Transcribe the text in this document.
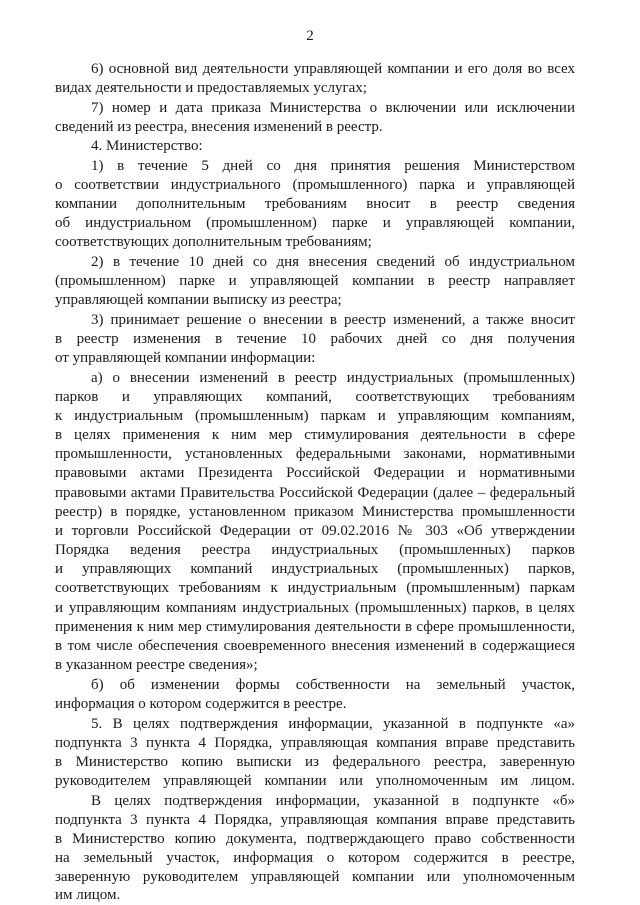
2
6) основной вид деятельности управляющей компании и его доля во всех
видах деятельности и предоставляемых услугах;
7) номер и дата приказа Министерства о включении или исключении
сведений из реестра, внесения изменений в реестр.
4. Министерство:
1) в течение 5 дней со дня принятия решения Министерством
о соответствии индустриального (промышленного) парка и управляющей
компании дополнительным требованиям вносит в реестр сведения
об индустриальном (промышленном) парке и управляющей компании,
соответствующих дополнительным требованиям;
2) в течение 10 дней со дня внесения сведений об индустриальном
(промышленном) парке и управляющей компании в реестр направляет
управляющей компании выписку из реестра;
3) принимает решение о внесении в реестр изменений, а также вносит
в реестр изменения в течение 10 рабочих дней со дня получения
от управляющей компании информации:
а) о внесении изменений в реестр индустриальных (промышленных)
парков и управляющих компаний, соответствующих требованиям
к индустриальным (промышленным) паркам и управляющим компаниям,
в целях применения к ним мер стимулирования деятельности в сфере
промышленности, установленных федеральными законами, нормативными
правовыми актами Президента Российской Федерации и нормативными
правовыми актами Правительства Российской Федерации (далее – федеральный
реестр) в порядке, установленном приказом Министерства промышленности
и торговли Российской Федерации от 09.02.2016 № 303 «Об утверждении
Порядка ведения реестра индустриальных (промышленных) парков
и управляющих компаний индустриальных (промышленных) парков,
соответствующих требованиям к индустриальным (промышленным) паркам
и управляющим компаниям индустриальных (промышленных) парков, в целях
применения к ним мер стимулирования деятельности в сфере промышленности,
в том числе обеспечения своевременного внесения изменений в содержащиеся
в указанном реестре сведения»;
б) об изменении формы собственности на земельный участок,
информация о котором содержится в реестре.
5. В целях подтверждения информации, указанной в подпункте «а»
подпункта 3 пункта 4 Порядка, управляющая компания вправе представить
в Министерство копию выписки из федерального реестра, заверенную
руководителем управляющей компании или уполномоченным им лицом.
В целях подтверждения информации, указанной в подпункте «б»
подпункта 3 пункта 4 Порядка, управляющая компания вправе представить
в Министерство копию документа, подтверждающего право собственности
на земельный участок, информация о котором содержится в реестре,
заверенную руководителем управляющей компании или уполномоченным
им лицом.
